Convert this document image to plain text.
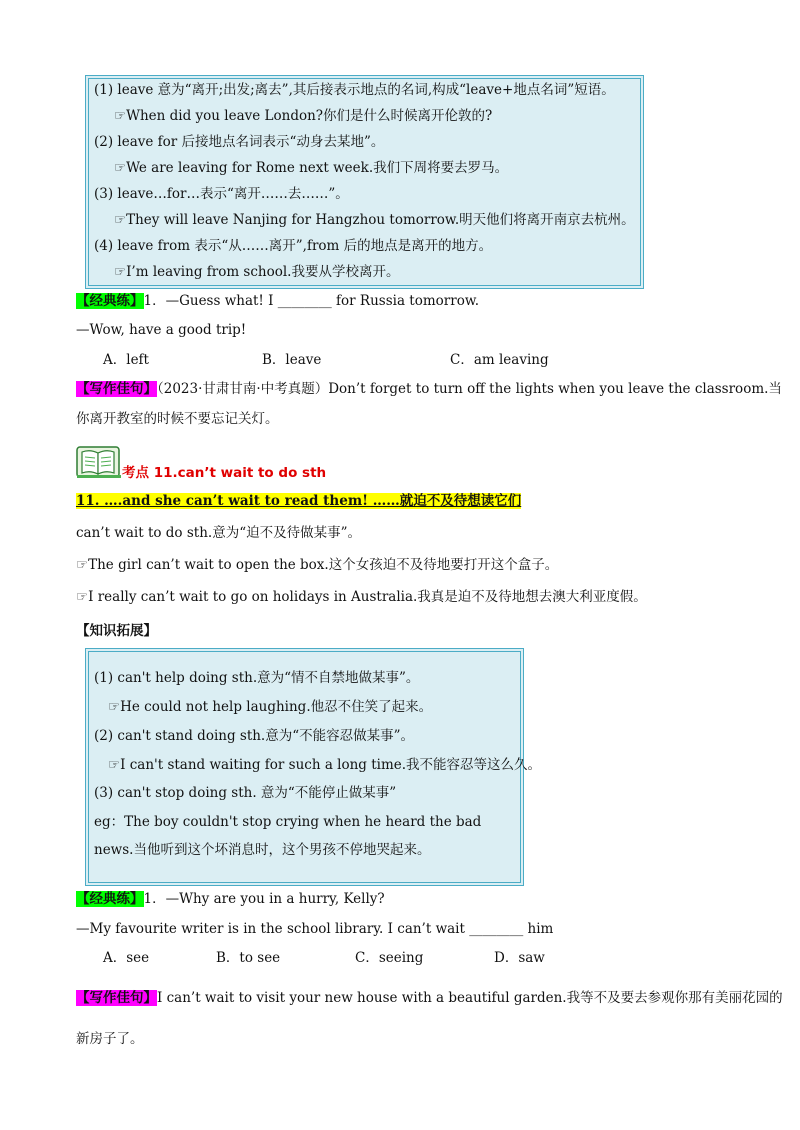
(1) leave 意为“离开;出发;离去”,其后接表示地点的名词,构成“leave+地点名词”短语。
☞When did you leave London?你们是什么时候离开伦敦的?
(2) leave for 后接地点名词表示“动身去某地”。
☞We are leaving for Rome next week.我们下周将要去罗马。
(3) leave…for…表示“离开……去……”。
☞They will leave Nanjing for Hangzhou tomorrow.明天他们将离开南京去杭州。
(4) leave from 表示“从……离开”,from 后的地点是离开的地方。
☞I’m leaving from school.我要从学校离开。
【经典练】1．—Guess what! I ________ for Russia tomorrow.
—Wow, have a good trip!
A．left	B．leave	C．am leaving
【写作佳句】（2023·甘肃甘南·中考真题）Don’t forget to turn off the lights when you leave the classroom.当
你离开教室的时候不要忘记关灯。
考点 11.can’t wait to do sth
11. ….and she can’t wait to read them! ……就迫不及待想读它们
can’t wait to do sth.意为“迫不及待做某事”。
☞The girl can’t wait to open the box.这个女孩迫不及待地要打开这个盒子。
☞I really can’t wait to go on holidays in Australia.我真是迫不及待地想去澳大利亚度假。
【知识拓展】
(1) can't help doing sth.意为“情不自禁地做某事”。
☞He could not help laughing.他忍不住笑了起来。
(2) can't stand doing sth.意为“不能容忍做某事”。
☞I can't stand waiting for such a long time.我不能容忍等这么久。
(3) can't stop doing sth. 意为“不能停止做某事”
eg：The boy couldn't stop crying when he heard the bad
news.当他听到这个坏消息时，这个男孩不停地哭起来。
【经典练】1．—Why are you in a hurry, Kelly?
—My favourite writer is in the school library. I can’t wait ________ him
A．see	B．to see	C．seeing	D．saw
【写作佳句】I can’t wait to visit your new house with a beautiful garden.我等不及要去参观你那有美丽花园的
新房子了。
